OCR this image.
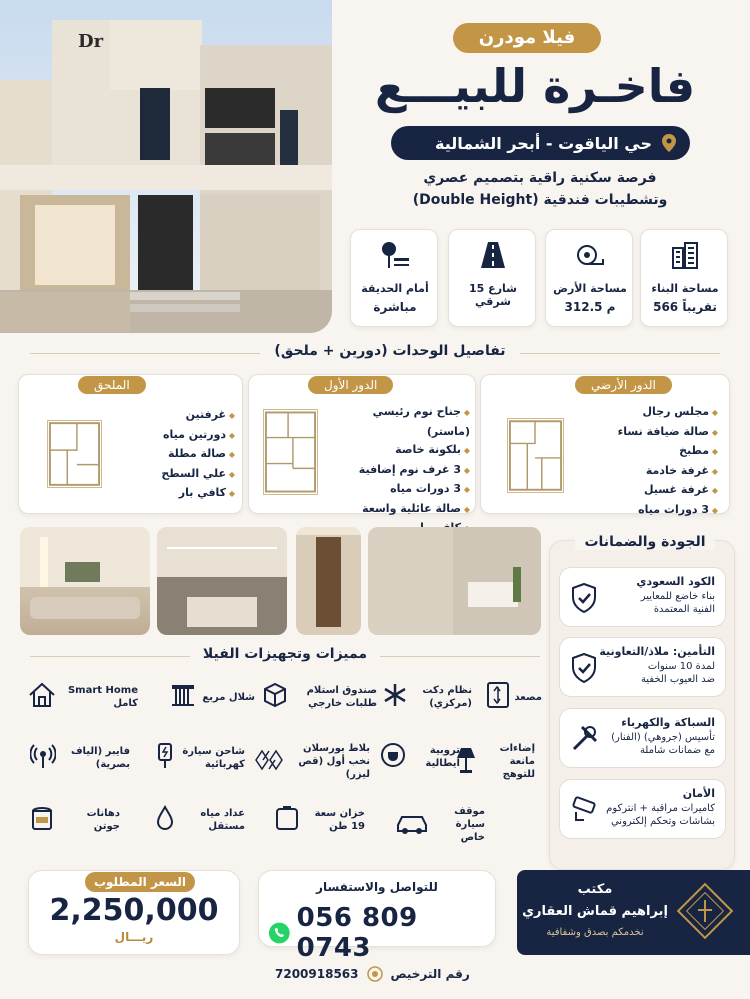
Dr	فيلا مودرن
فاخـرة للبيـــع
حي الياقوت - أبحر الشمالية
فرصة سكنية راقية بتصميم عصري
(Double Height) وتشطيبات فندقية
مساحة البناء
566 تقريباً
مساحة الأرض
312.5 م
شارع 15 شرقي
أمام الحديقة
مباشرة
تفاصيل الوحدات (دورين + ملحق)
الملحق	الدور الأول	الدور الأرضي
◆ غرفتين
◆ دورتين مياه
◆ صالة مطلة
◆ علي السطح
◆ كافي بار
◆ جناح نوم رئيسي (ماستر)
◆ بلكونة خاصة
◆ 3 غرف نوم إضافية
◆ 3 دورات مياه
◆ صالة عائلية واسعة
◆
◆ مجلس رجال
◆ صالة ضيافة نساء
◆ مطبخ
◆ غرفة خادمة
◆ غرفة غسيل
◆ 3 دورات مياه
الجودة والضمانات
الكود السعودي
بناء خاضع للمعايير
الفنية المعتمدة
التأمين: ملاذ/التعاونية
لمدة 10 سنوات
ضد العيوب الخفية
السباكة والكهرباء
تأسيس (جروهي) (الفنار)
مع ضمانات شاملة
الأمان
كاميرات مراقبة + انتركوم
بشاشات وتحكم إلكتروني
مميزات وتجهيزات الفيلا
مصعد
نظام دكت (مركزي)
صندوق استلام طلبات خارجي
شلال مربع
Smart Home كامل
إضاءات مانعة للتوهج
تروبية ايطالية
بلاط بورسلان نخب أول (قص ليزر)
شاحن سيارة كهربائية
فايبر (الياف بصرية)
موقف سيارة خاص
خزان سعة 19 طن
عداد مياه مستقل
دهانات جوتن
السعر المطلوب
2,250,000
ريـــال
للتواصل والاستفسار
056 809 0743
مكتب
إبراهيم قماش العقاري
نخدمكم بصدق وشفافية
7200918563	رقم الترخيص
